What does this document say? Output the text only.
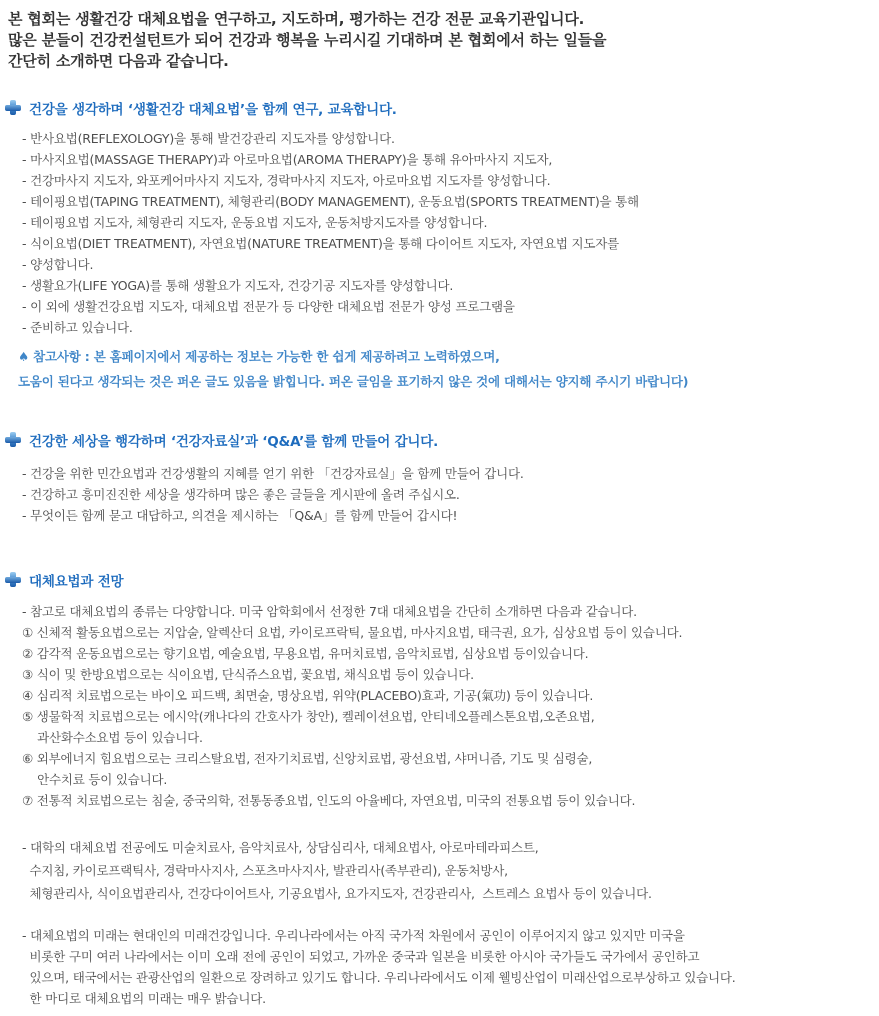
본 협회는 생활건강 대체요법을 연구하고, 지도하며, 평가하는 건강 전문 교육기관입니다.
많은 분들이 건강컨설턴트가 되어 건강과 행복을 누리시길 기대하며 본 협회에서 하는 일들을
간단히 소개하면 다음과 같습니다.
건강을 생각하며 ‘생활건강 대체요법’을 함께 연구, 교육합니다.
- 반사요법(REFLEXOLOGY)을 통해 발건강관리 지도자를 양성합니다.
- 마사지요법(MASSAGE THERAPY)과 아로마요법(AROMA THERAPY)을 통해 유아마사지 지도자,
- 건강마사지 지도자, 와포케어마사지 지도자, 경락마사지 지도자, 아로마요법 지도자를 양성합니다.
- 테이핑요법(TAPING TREATMENT), 체형관리(BODY MANAGEMENT), 운동요법(SPORTS TREATMENT)을 통해
- 테이핑요법 지도자, 체형관리 지도자, 운동요법 지도자, 운동처방지도자를 양성합니다.
- 식이요법(DIET TREATMENT), 자연요법(NATURE TREATMENT)을 통해 다이어트 지도자, 자연요법 지도자를
- 양성합니다.
- 생활요가(LIFE YOGA)를 통해 생활요가 지도자, 건강기공 지도자를 양성합니다.
- 이 외에 생활건강요법 지도자, 대체요법 전문가 등 다양한 대체요법 전문가 양성 프로그램을
- 준비하고 있습니다.
♠ 참고사항 : 본 홈페이지에서 제공하는 정보는 가능한 한 쉽게 제공하려고 노력하였으며,
도움이 된다고 생각되는 것은 퍼온 글도 있음을 밝힙니다. 퍼온 글임을 표기하지 않은 것에 대해서는 양지해 주시기 바랍니다)
건강한 세상을 행각하며 ‘건강자료실’과 ‘Q&A’를 함께 만들어 갑니다.
- 건강을 위한 민간요법과 건강생활의 지혜를 얻기 위한 「건강자료실」을 함께 만들어 갑니다.
- 건강하고 흥미진진한 세상을 생각하며 많은 좋은 글들을 게시판에 올려 주십시오.
- 무엇이든 함께 묻고 대답하고, 의견을 제시하는 「Q&A」를 함께 만들어 갑시다!
대체요법과 전망
- 참고로 대체요법의 종류는 다양합니다. 미국 암학회에서 선정한 7대 대체요법을 간단히 소개하면 다음과 같습니다.
① 신체적 활동요법으로는 지압술, 알렉산더 요법, 카이로프락틱, 물요법, 마사지요법, 태극권, 요가, 심상요법 등이 있습니다.
② 감각적 운동요법으로는 향기요법, 예술요법, 무용요법, 유머치료법, 음악치료법, 심상요법 등이있습니다.
③ 식이 및 한방요법으로는 식이요법, 단식쥬스요법, 꽃요법, 채식요법 등이 있습니다.
④ 심리적 치료법으로는 바이오 피드백, 최면술, 명상요법, 위약(PLACEBO)효과, 기공(氣功) 등이 있습니다.
⑤ 생물학적 치료법으로는 에시악(캐나다의 간호사가 창안), 켈레이션요법, 안티네오플레스톤요법,오존요법,
과산화수소요법 등이 있습니다.
⑥ 외부에너지 힘요법으로는 크리스탈요법, 전자기치료법, 신앙치료법, 광선요법, 샤머니즘, 기도 및 심령술,
안수치료 등이 있습니다.
⑦ 전통적 치료법으로는 침술, 중국의학, 전통동종요법, 인도의 아율베다, 자연요법, 미국의 전통요법 등이 있습니다.
- 대학의 대체요법 전공에도 미술치료사, 음악치료사, 상담심리사, 대체요법사, 아로마테라피스트,
수지침, 카이로프랙틱사, 경락마사지사, 스포츠마사지사, 발관리사(족부관리), 운동처방사,
체형관리사, 식이요법관리사, 건강다이어트사, 기공요법사, 요가지도자, 건강관리사,  스트레스 요법사 등이 있습니다.
- 대체요법의 미래는 현대인의 미래건강입니다. 우리나라에서는 아직 국가적 차원에서 공인이 이루어지지 않고 있지만 미국을
비롯한 구미 여러 나라에서는 이미 오래 전에 공인이 되었고, 가까운 중국과 일본을 비롯한 아시아 국가들도 국가에서 공인하고
있으며, 태국에서는 관광산업의 일환으로 장려하고 있기도 합니다. 우리나라에서도 이제 웰빙산업이 미래산업으로부상하고 있습니다.
한 마디로 대체요법의 미래는 매우 밝습니다.
